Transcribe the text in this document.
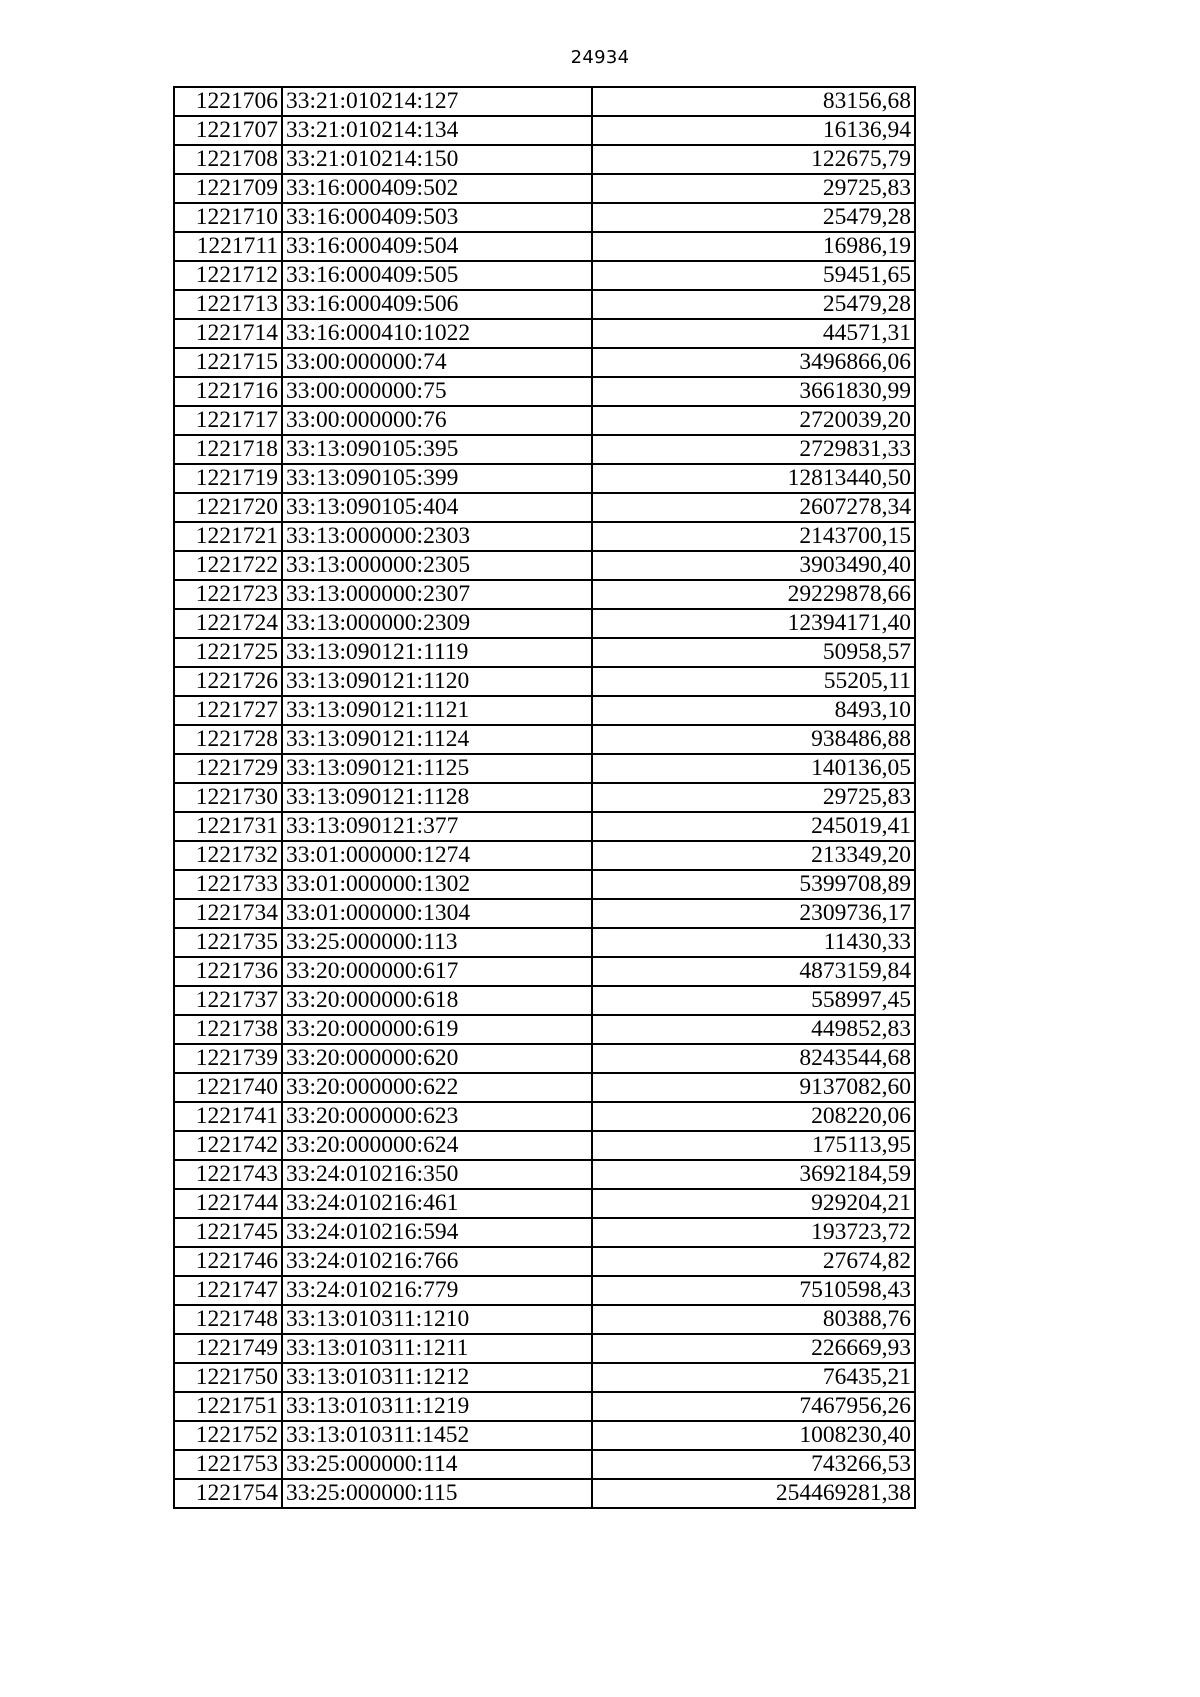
24934
1221706	33:21:010214:127	83156,68
1221707	33:21:010214:134	16136,94
1221708	33:21:010214:150	122675,79
1221709	33:16:000409:502	29725,83
1221710	33:16:000409:503	25479,28
1221711	33:16:000409:504	16986,19
1221712	33:16:000409:505	59451,65
1221713	33:16:000409:506	25479,28
1221714	33:16:000410:1022	44571,31
1221715	33:00:000000:74	3496866,06
1221716	33:00:000000:75	3661830,99
1221717	33:00:000000:76	2720039,20
1221718	33:13:090105:395	2729831,33
1221719	33:13:090105:399	12813440,50
1221720	33:13:090105:404	2607278,34
1221721	33:13:000000:2303	2143700,15
1221722	33:13:000000:2305	3903490,40
1221723	33:13:000000:2307	29229878,66
1221724	33:13:000000:2309	12394171,40
1221725	33:13:090121:1119	50958,57
1221726	33:13:090121:1120	55205,11
1221727	33:13:090121:1121	8493,10
1221728	33:13:090121:1124	938486,88
1221729	33:13:090121:1125	140136,05
1221730	33:13:090121:1128	29725,83
1221731	33:13:090121:377	245019,41
1221732	33:01:000000:1274	213349,20
1221733	33:01:000000:1302	5399708,89
1221734	33:01:000000:1304	2309736,17
1221735	33:25:000000:113	11430,33
1221736	33:20:000000:617	4873159,84
1221737	33:20:000000:618	558997,45
1221738	33:20:000000:619	449852,83
1221739	33:20:000000:620	8243544,68
1221740	33:20:000000:622	9137082,60
1221741	33:20:000000:623	208220,06
1221742	33:20:000000:624	175113,95
1221743	33:24:010216:350	3692184,59
1221744	33:24:010216:461	929204,21
1221745	33:24:010216:594	193723,72
1221746	33:24:010216:766	27674,82
1221747	33:24:010216:779	7510598,43
1221748	33:13:010311:1210	80388,76
1221749	33:13:010311:1211	226669,93
1221750	33:13:010311:1212	76435,21
1221751	33:13:010311:1219	7467956,26
1221752	33:13:010311:1452	1008230,40
1221753	33:25:000000:114	743266,53
1221754	33:25:000000:115	254469281,38
